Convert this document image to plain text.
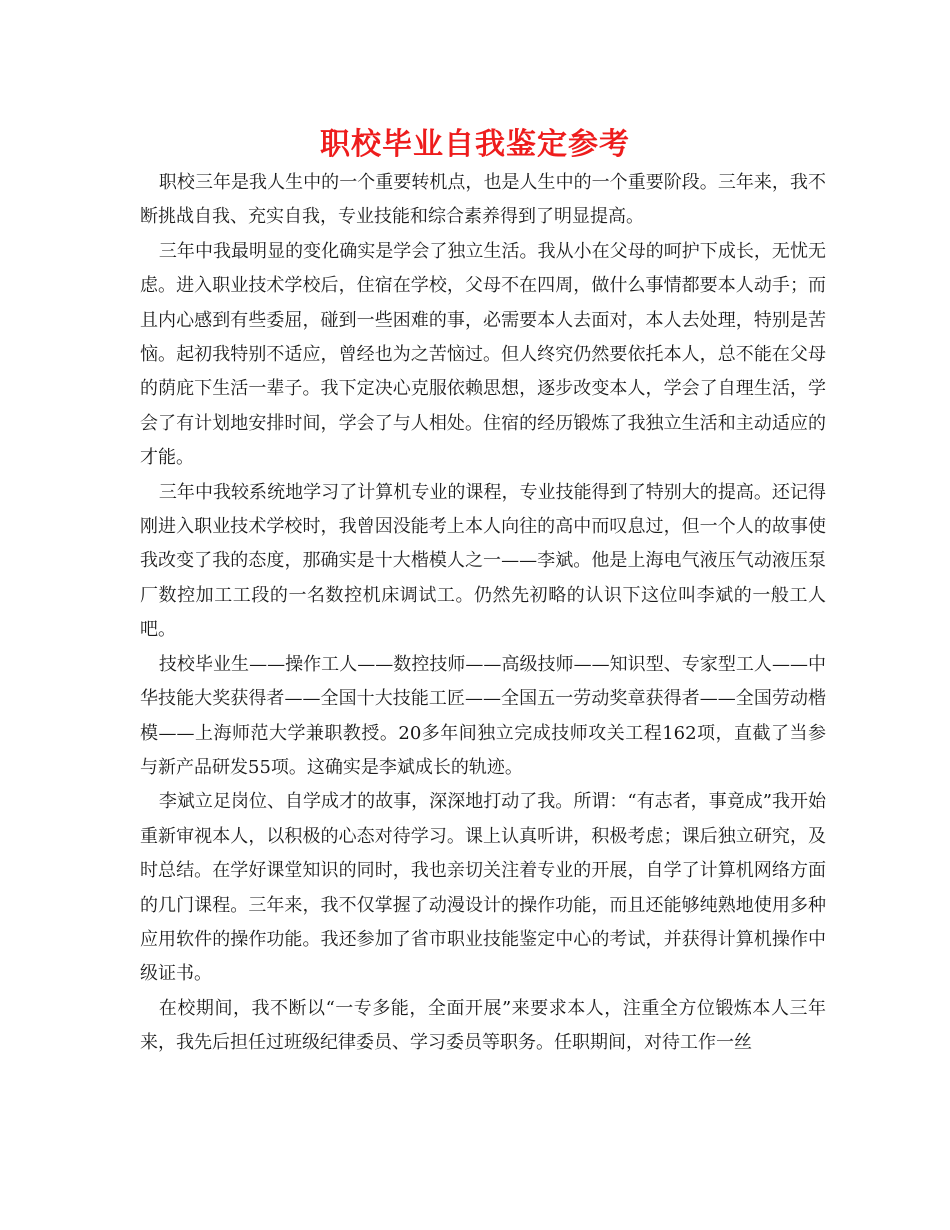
职校毕业自我鉴定参考

职校三年是我人生中的一个重要转机点，也是人生中的一个重要阶段。三年来，我不断挑战自我、充实自我，专业技能和综合素养得到了明显提高。

三年中我最明显的变化确实是学会了独立生活。我从小在父母的呵护下成长，无忧无虑。进入职业技术学校后，住宿在学校，父母不在四周，做什么事情都要本人动手；而且内心感到有些委屈，碰到一些困难的事，必需要本人去面对，本人去处理，特别是苦恼。起初我特别不适应，曾经也为之苦恼过。但人终究仍然要依托本人，总不能在父母的荫庇下生活一辈子。我下定决心克服依赖思想，逐步改变本人，学会了自理生活，学会了有计划地安排时间，学会了与人相处。住宿的经历锻炼了我独立生活和主动适应的才能。

三年中我较系统地学习了计算机专业的课程，专业技能得到了特别大的提高。还记得刚进入职业技术学校时，我曾因没能考上本人向往的高中而叹息过，但一个人的故事使我改变了我的态度，那确实是十大楷模人之一——李斌。他是上海电气液压气动液压泵厂数控加工工段的一名数控机床调试工。仍然先初略的认识下这位叫李斌的一般工人吧。

技校毕业生——操作工人——数控技师——高级技师——知识型、专家型工人——中华技能大奖获得者——全国十大技能工匠——全国五一劳动奖章获得者——全国劳动楷模——上海师范大学兼职教授。20多年间独立完成技师攻关工程162项，直截了当参与新产品研发55项。这确实是李斌成长的轨迹。

李斌立足岗位、自学成才的故事，深深地打动了我。所谓：“有志者，事竟成”我开始重新审视本人，以积极的心态对待学习。课上认真听讲，积极考虑；课后独立研究，及时总结。在学好课堂知识的同时，我也亲切关注着专业的开展，自学了计算机网络方面的几门课程。三年来，我不仅掌握了动漫设计的操作功能，而且还能够纯熟地使用多种应用软件的操作功能。我还参加了省市职业技能鉴定中心的考试，并获得计算机操作中级证书。

在校期间，我不断以“一专多能，全面开展”来要求本人，注重全方位锻炼本人三年来，我先后担任过班级纪律委员、学习委员等职务。任职期间，对待工作一丝
